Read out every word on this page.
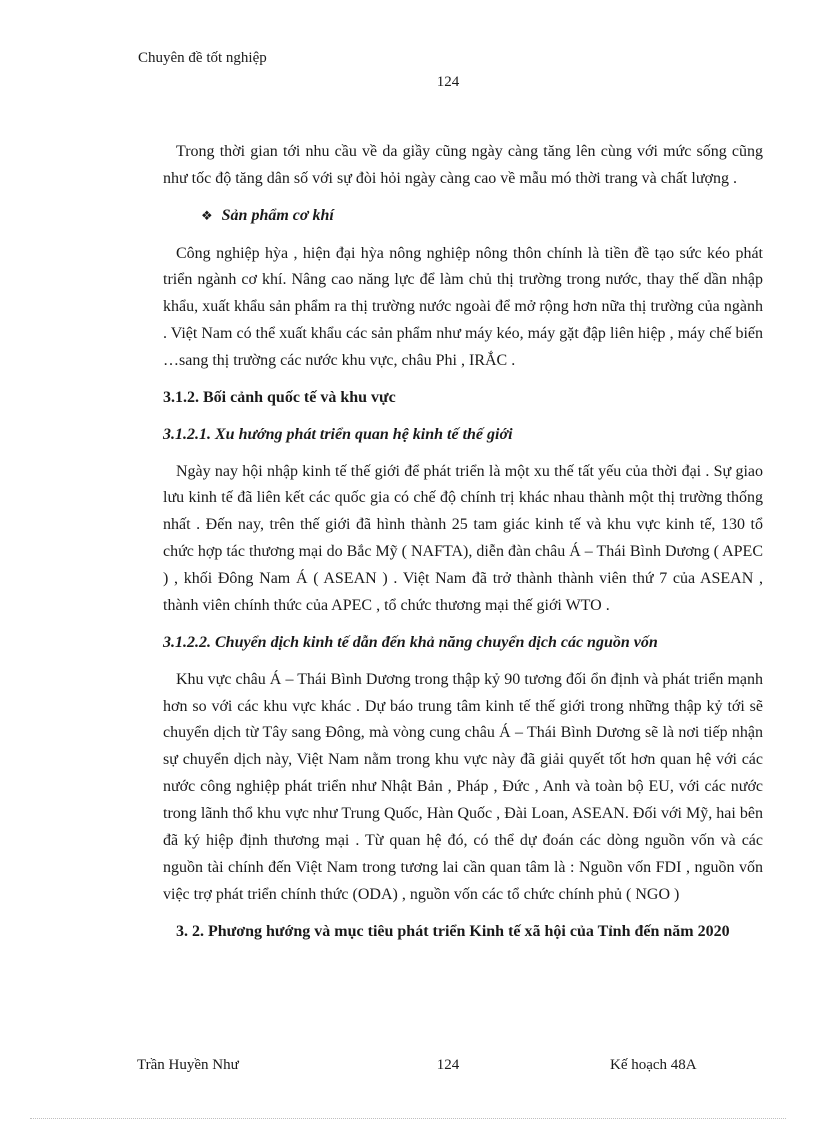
Chuyên đề tốt nghiệp
124

Trong thời gian tới nhu cầu về da giầy cũng ngày càng tăng lên cùng với mức sống cũng như tốc độ tăng dân số với sự đòi hỏi ngày càng cao về mẫu mó thời trang và chất lượng .

❖ Sản phẩm cơ khí

Công nghiệp hỳa , hiện đại hỳa nông nghiệp nông thôn chính là tiền đề tạo sức kéo phát triển ngành cơ khí. Nâng cao năng lực để làm chủ thị trường trong nước, thay thế dần nhập khẩu, xuất khẩu sản phẩm ra thị trường nước ngoài để mở rộng hơn nữa thị trường của ngành . Việt Nam có thể xuất khẩu các sản phẩm như máy kéo, máy gặt đập liên hiệp , máy chế biến …sang thị trường các nước khu vực, châu Phi , IRẮC .

3.1.2. Bối cảnh quốc tế và khu vực

3.1.2.1. Xu hướng phát triển quan hệ kinh tế thế giới

Ngày nay hội nhập kinh tế thế giới để phát triển là một xu thế tất yếu của thời đại . Sự giao lưu kinh tế đã liên kết các quốc gia có chế độ chính trị khác nhau thành một thị trường thống nhất . Đến nay, trên thế giới đã hình thành 25 tam giác kinh tế và khu vực kinh tế, 130 tổ chức hợp tác thương mại do Bắc Mỹ ( NAFTA), diễn đàn châu Á – Thái Bình Dương ( APEC ) , khối Đông Nam Á ( ASEAN ) . Việt Nam đã trở thành thành viên thứ 7 của ASEAN , thành viên chính thức của APEC , tổ chức thương mại thế giới WTO .

3.1.2.2. Chuyển dịch kinh tế dẫn đến khả năng chuyển dịch các nguồn vốn

Khu vực châu Á – Thái Bình Dương trong thập kỷ 90 tương đối ổn định và phát triển mạnh hơn so với các khu vực khác . Dự báo trung tâm kinh tế thế giới trong những thập kỷ tới sẽ chuyển dịch từ Tây sang Đông, mà vòng cung châu Á – Thái Bình Dương sẽ là nơi tiếp nhận sự chuyển dịch này, Việt Nam nằm trong khu vực này đã giải quyết tốt hơn quan hệ với các nước công nghiệp phát triển như Nhật Bản , Pháp , Đức , Anh và toàn bộ EU, với các nước trong lãnh thổ khu vực như Trung Quốc, Hàn Quốc , Đài Loan, ASEAN. Đối với Mỹ, hai bên đã ký hiệp định thương mại . Từ quan hệ đó, có thể dự đoán các dòng nguồn vốn và các nguồn tài chính đến Việt Nam trong tương lai cần quan tâm là : Nguồn vốn FDI , nguồn vốn việc trợ phát triển chính thức (ODA) , nguồn vốn các tổ chức chính phủ ( NGO )

3. 2. Phương hướng và mục tiêu phát triển Kinh tế xã hội của Tỉnh đến năm 2020

Trần Huyền Như	124	Kế hoạch 48A
